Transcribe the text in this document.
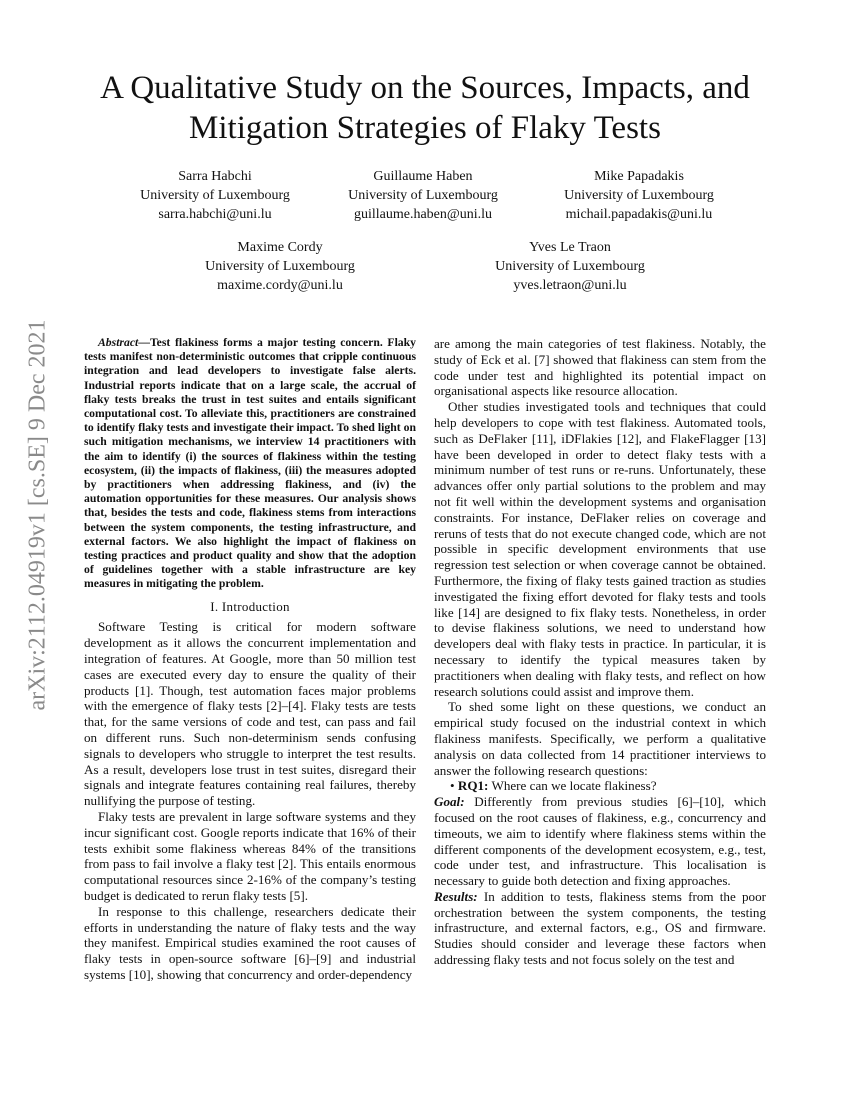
arXiv:2112.04919v1 [cs.SE] 9 Dec 2021
A Qualitative Study on the Sources, Impacts, and
Mitigation Strategies of Flaky Tests
Sarra Habchi
University of Luxembourg
sarra.habchi@uni.lu
Guillaume Haben
University of Luxembourg
guillaume.haben@uni.lu
Mike Papadakis
University of Luxembourg
michail.papadakis@uni.lu
Maxime Cordy
University of Luxembourg
maxime.cordy@uni.lu
Yves Le Traon
University of Luxembourg
yves.letraon@uni.lu

Abstract—Test flakiness forms a major testing concern. Flaky tests manifest non-deterministic outcomes that cripple continuous integration and lead developers to investigate false alerts. Industrial reports indicate that on a large scale, the accrual of flaky tests breaks the trust in test suites and entails significant computational cost. To alleviate this, practitioners are constrained to identify flaky tests and investigate their impact. To shed light on such mitigation mechanisms, we interview 14 practitioners with the aim to identify (i) the sources of flakiness within the testing ecosystem, (ii) the impacts of flakiness, (iii) the measures adopted by practitioners when addressing flakiness, and (iv) the automation opportunities for these measures. Our analysis shows that, besides the tests and code, flakiness stems from interactions between the system components, the testing infrastructure, and external factors. We also highlight the impact of flakiness on testing practices and product quality and show that the adoption of guidelines together with a stable infrastructure are key measures in mitigating the problem.

I. Introduction

Software Testing is critical for modern software development as it allows the concurrent implementation and integration of features. At Google, more than 50 million test cases are executed every day to ensure the quality of their products [1]. Though, test automation faces major problems with the emergence of flaky tests [2]–[4]. Flaky tests are tests that, for the same versions of code and test, can pass and fail on different runs. Such non-determinism sends confusing signals to developers who struggle to interpret the test results. As a result, developers lose trust in test suites, disregard their signals and integrate features containing real failures, thereby nullifying the purpose of testing.

Flaky tests are prevalent in large software systems and they incur significant cost. Google reports indicate that 16% of their tests exhibit some flakiness whereas 84% of the transitions from pass to fail involve a flaky test [2]. This entails enormous computational resources since 2-16% of the company’s testing budget is dedicated to rerun flaky tests [5].

In response to this challenge, researchers dedicate their efforts in understanding the nature of flaky tests and the way they manifest. Empirical studies examined the root causes of flaky tests in open-source software [6]–[9] and industrial systems [10], showing that concurrency and order-dependency

are among the main categories of test flakiness. Notably, the study of Eck et al. [7] showed that flakiness can stem from the code under test and highlighted its potential impact on organisational aspects like resource allocation.

Other studies investigated tools and techniques that could help developers to cope with test flakiness. Automated tools, such as DeFlaker [11], iDFlakies [12], and FlakeFlagger [13] have been developed in order to detect flaky tests with a minimum number of test runs or re-runs. Unfortunately, these advances offer only partial solutions to the problem and may not fit well within the development systems and organisation constraints. For instance, DeFlaker relies on coverage and reruns of tests that do not execute changed code, which are not possible in specific development environments that use regression test selection or when coverage cannot be obtained. Furthermore, the fixing of flaky tests gained traction as studies investigated the fixing effort devoted for flaky tests and tools like [14] are designed to fix flaky tests. Nonetheless, in order to devise flakiness solutions, we need to understand how developers deal with flaky tests in practice. In particular, it is necessary to identify the typical measures taken by practitioners when dealing with flaky tests, and reflect on how research solutions could assist and improve them.

To shed some light on these questions, we conduct an empirical study focused on the industrial context in which flakiness manifests. Specifically, we perform a qualitative analysis on data collected from 14 practitioner interviews to answer the following research questions:

• RQ1: Where can we locate flakiness?

Goal: Differently from previous studies [6]–[10], which focused on the root causes of flakiness, e.g., concurrency and timeouts, we aim to identify where flakiness stems within the different components of the development ecosystem, e.g., test, code under test, and infrastructure. This localisation is necessary to guide both detection and fixing approaches.

Results: In addition to tests, flakiness stems from the poor orchestration between the system components, the testing infrastructure, and external factors, e.g., OS and firmware. Studies should consider and leverage these factors when addressing flaky tests and not focus solely on the test and
